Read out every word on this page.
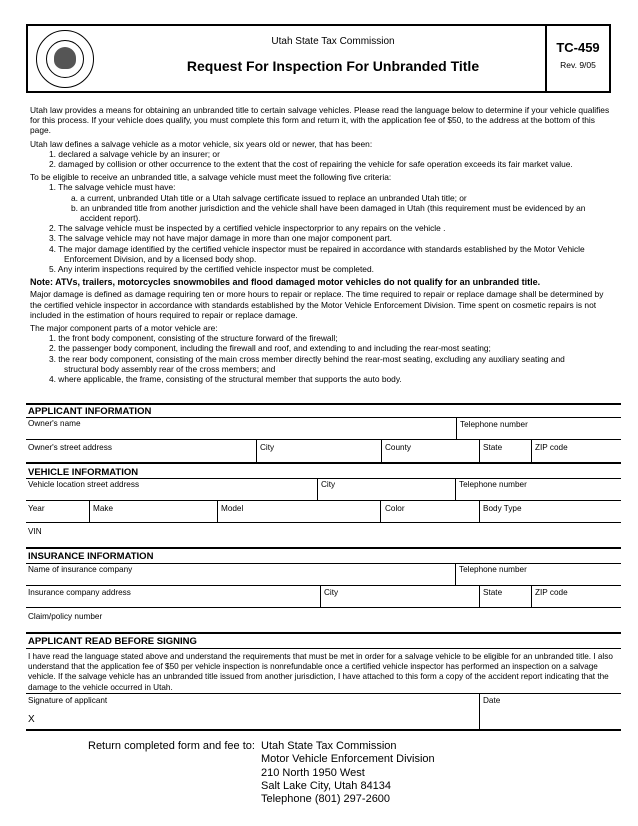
Utah State Tax Commission
Request For Inspection For Unbranded Title
TC-459
Rev. 9/05

Utah law provides a means for obtaining an unbranded title to certain salvage vehicles. Please read the language below to determine if your vehicle qualifies for this process. If your vehicle does qualify, you must complete this form and return it, with the application fee of $50, to the address at the bottom of this page.

Utah law defines a salvage vehicle as a motor vehicle, six years old or newer, that has been:
1. declared a salvage vehicle by an insurer; or
2. damaged by collision or other occurrence to the extent that the cost of repairing the vehicle for safe operation exceeds its fair market value.
To be eligible to receive an unbranded title, a salvage vehicle must meet the following five criteria:
1. The salvage vehicle must have:
a. a current, unbranded Utah title or a Utah salvage certificate issued to replace an unbranded Utah title; or
b. an unbranded title from another jurisdiction and the vehicle shall have been damaged in Utah (this requirement must be evidenced by an
accident report).
2. The salvage vehicle must be inspected by a certified vehicle inspectorprior to any repairs on the vehicle .
3. The salvage vehicle may not have major damage in more than one major component part.
4. The major damage identified by the certified vehicle inspector must be repaired in accordance with standards established by the Motor Vehicle
Enforcement Division, and by a licensed body shop.
5. Any interim inspections required by the certified vehicle inspector must be completed.
Note: ATVs, trailers, motorcycles snowmobiles and flood damaged motor vehicles do not qualify for an unbranded title.

Major damage is defined as damage requiring ten or more hours to repair or replace. The time required to repair or replace damage shall be determined by the certified vehicle inspector in accordance with standards established by the Motor Vehicle Enforcement Division. Time spent on cosmetic repairs is not included in the estimation of hours required to repair or replace damage.

The major component parts of a motor vehicle are:
1. the front body component, consisting of the structure forward of the firewall;
2. the passenger body component, including the firewall and roof, and extending to and including the rear-most seating;
3. the rear body component, consisting of the main cross member directly behind the rear-most seating, excluding any auxiliary seating and
structural body assembly rear of the cross members; and
4. where applicable, the frame, consisting of the structural member that supports the auto body.
APPLICANT INFORMATION
Owner's name	Telephone number
Owner's street address	City	County	State	ZIP code
VEHICLE INFORMATION
Vehicle location street address	City	Telephone number
Year	Make	Model	Color	Body Type
VIN
INSURANCE INFORMATION
Name of insurance company	Telephone number
Insurance company address	City	State	ZIP code
Claim/policy number
APPLICANT READ BEFORE SIGNING
I have read the language stated above and understand the requirements that must be met in order for a salvage vehicle to be eligible for an unbranded title. I also understand that the application fee of $50 per vehicle inspection is nonrefundable once a certified vehicle inspector has performed an inspection on a salvage vehicle. If the salvage vehicle has an unbranded title issued from another jurisdiction, I have attached to this form a copy of the accident report indicating that the damage to the vehicle occurred in Utah.
Signature of applicant	Date
X
Return completed form and fee to: Utah State Tax Commission
Motor Vehicle Enforcement Division
210 North 1950 West
Salt Lake City, Utah 84134
Telephone (801) 297-2600
